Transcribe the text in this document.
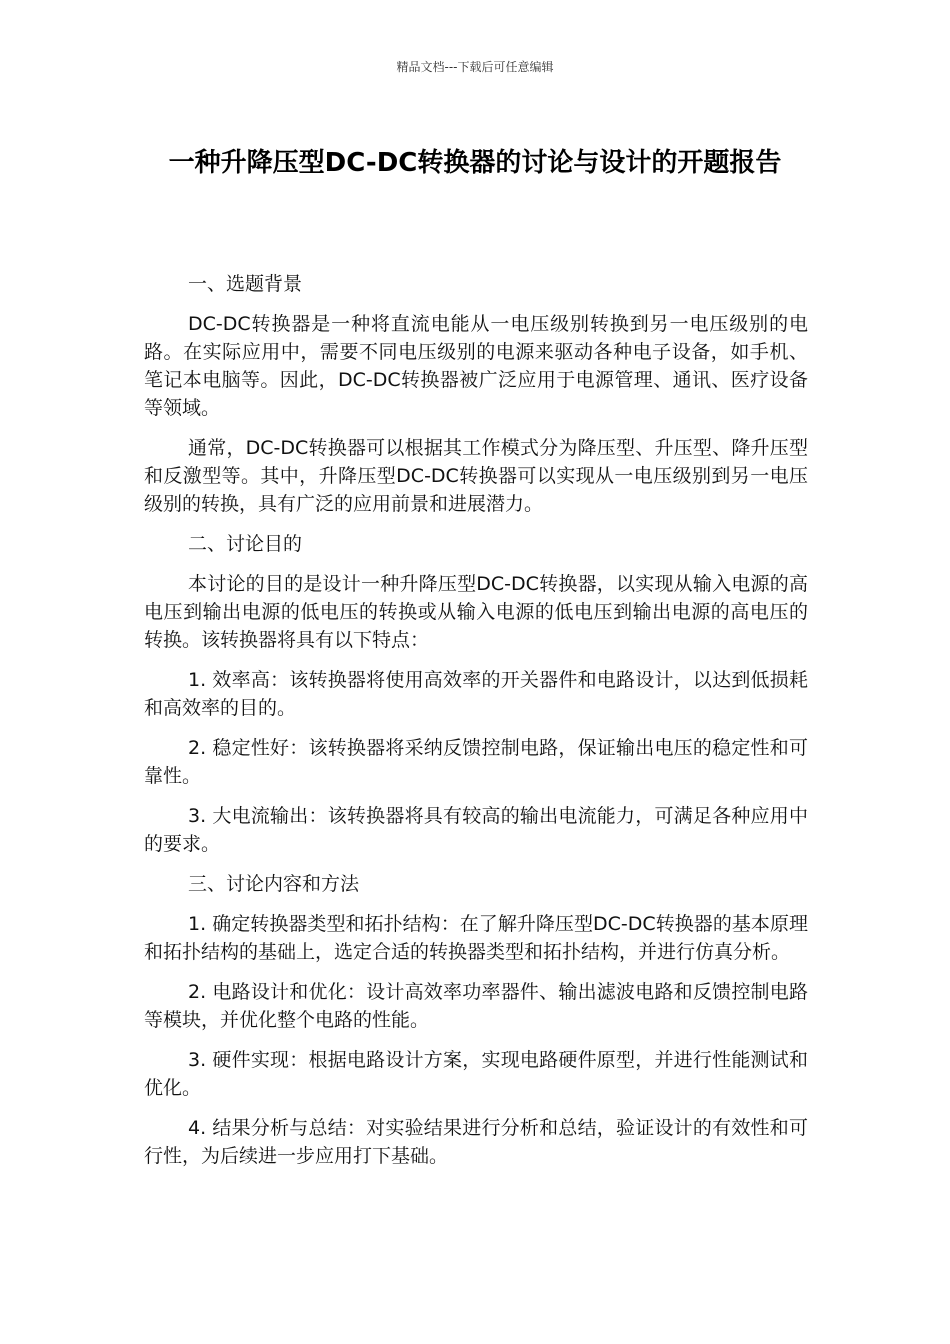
精品文档---下载后可任意编辑
一种升降压型DC-DC转换器的讨论与设计的开题报告

一、选题背景

DC-DC转换器是一种将直流电能从一电压级别转换到另一电压级别的电路。在实际应用中，需要不同电压级别的电源来驱动各种电子设备，如手机、笔记本电脑等。因此，DC-DC转换器被广泛应用于电源管理、通讯、医疗设备等领域。

通常，DC-DC转换器可以根据其工作模式分为降压型、升压型、降升压型和反激型等。其中，升降压型DC-DC转换器可以实现从一电压级别到另一电压级别的转换，具有广泛的应用前景和进展潜力。

二、讨论目的

本讨论的目的是设计一种升降压型DC-DC转换器，以实现从输入电源的高电压到输出电源的低电压的转换或从输入电源的低电压到输出电源的高电压的转换。该转换器将具有以下特点：

1. 效率高：该转换器将使用高效率的开关器件和电路设计，以达到低损耗和高效率的目的。

2. 稳定性好：该转换器将采纳反馈控制电路，保证输出电压的稳定性和可靠性。

3. 大电流输出：该转换器将具有较高的输出电流能力，可满足各种应用中的要求。

三、讨论内容和方法

1. 确定转换器类型和拓扑结构：在了解升降压型DC-DC转换器的基本原理和拓扑结构的基础上，选定合适的转换器类型和拓扑结构，并进行仿真分析。

2. 电路设计和优化：设计高效率功率器件、输出滤波电路和反馈控制电路等模块，并优化整个电路的性能。

3. 硬件实现：根据电路设计方案，实现电路硬件原型，并进行性能测试和优化。

4. 结果分析与总结：对实验结果进行分析和总结，验证设计的有效性和可行性，为后续进一步应用打下基础。
